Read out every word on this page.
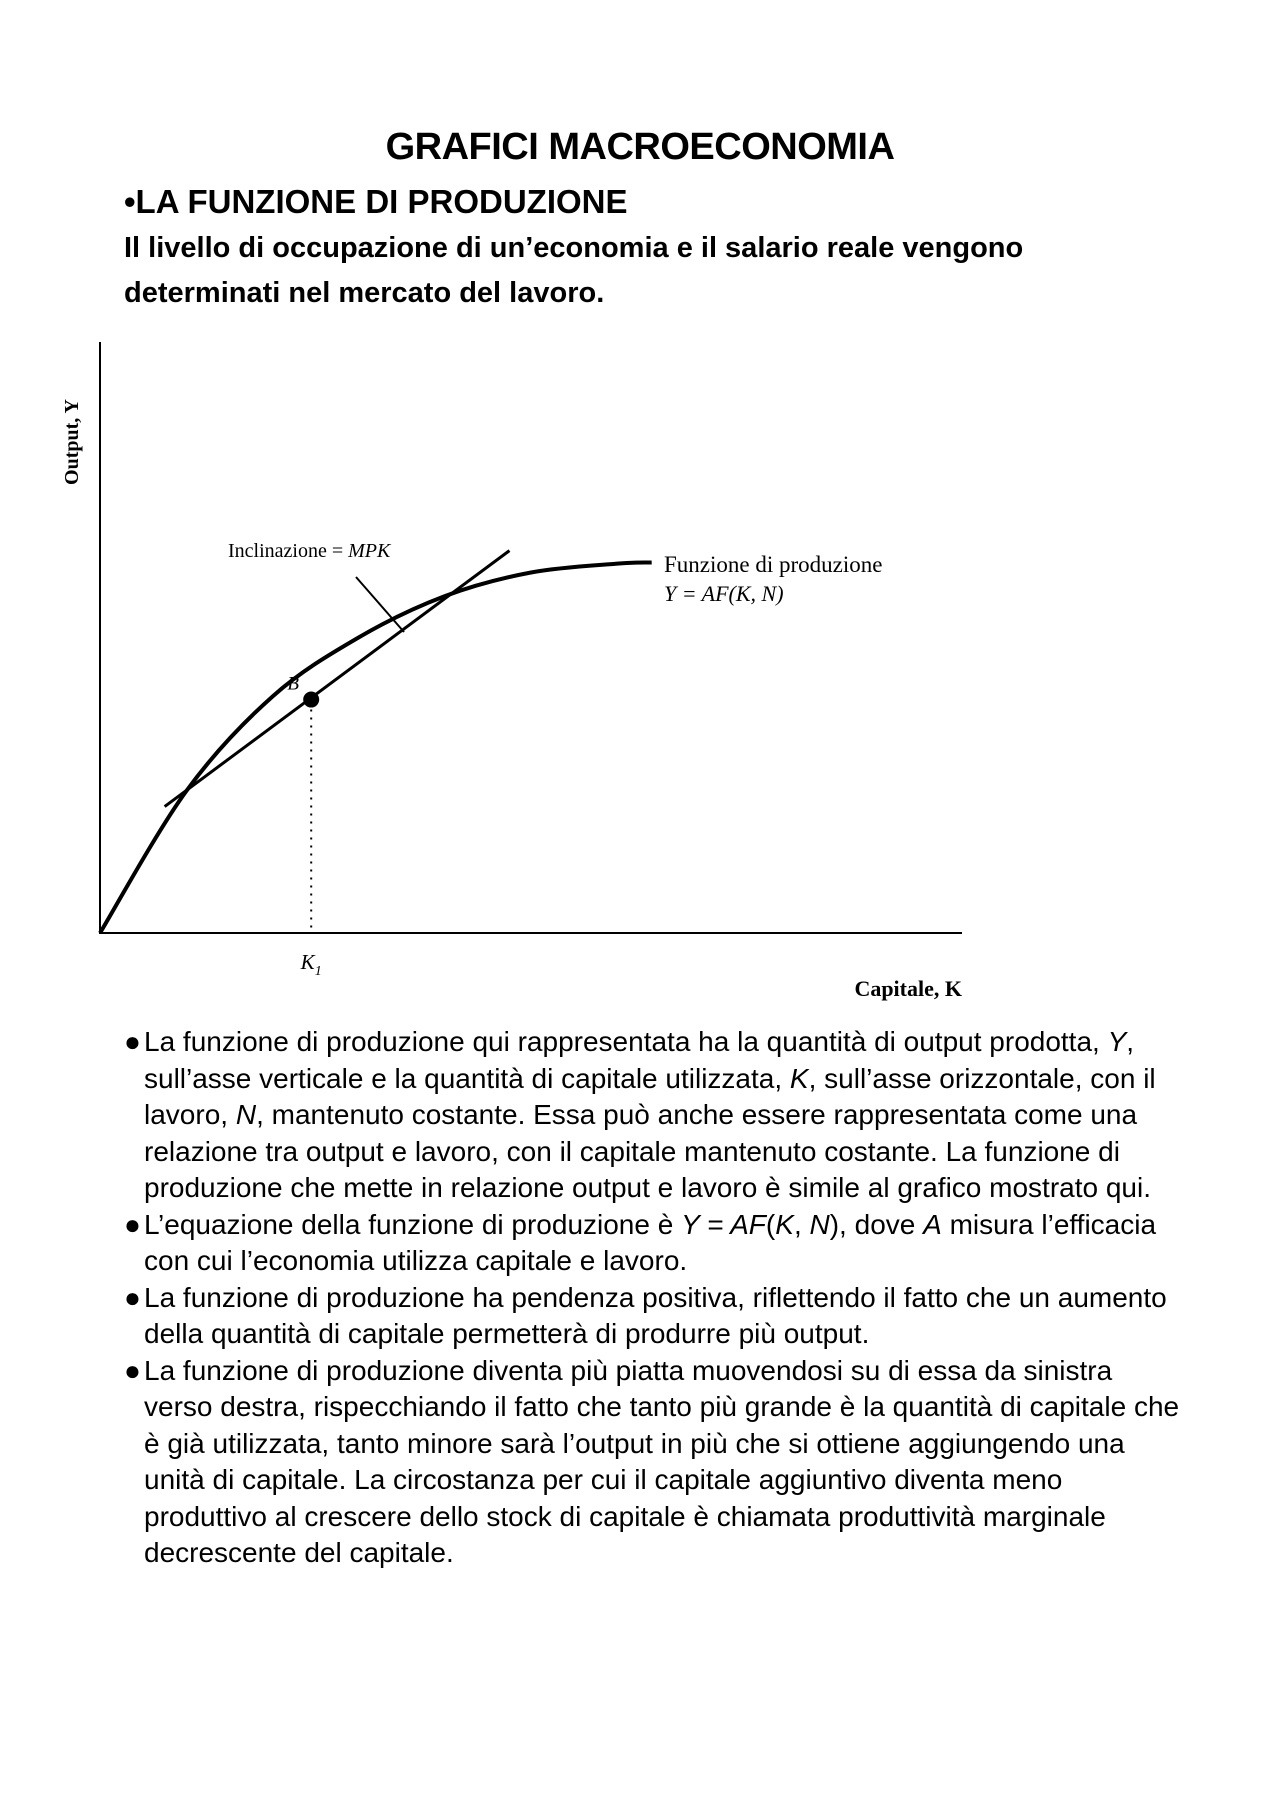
GRAFICI MACROECONOMIA
•LA FUNZIONE DI PRODUZIONE
Il livello di occupazione di un’economia e il salario reale vengono determinati nel mercato del lavoro.
Output, Y
B
Inclinazione = MPK
Funzione di produzione
Y = AF(K, N)
$K_1$
Capitale, K
● La funzione di produzione qui rappresentata ha la quantità di output prodotta, Y, sull’asse verticale e la quantità di capitale utilizzata, K, sull’asse orizzontale, con il lavoro, N, mantenuto costante. Essa può anche essere rappresentata come una relazione tra output e lavoro, con il capitale mantenuto costante. La funzione di produzione che mette in relazione output e lavoro è simile al grafico mostrato qui.
● L’equazione della funzione di produzione è Y = AF(K, N), dove A misura l’efficacia con cui l’economia utilizza capitale e lavoro.
● La funzione di produzione ha pendenza positiva, riflettendo il fatto che un aumento della quantità di capitale permetterà di produrre più output.
● La funzione di produzione diventa più piatta muovendosi su di essa da sinistra verso destra, rispecchiando il fatto che tanto più grande è la quantità di capitale che è già utilizzata, tanto minore sarà l’output in più che si ottiene aggiungendo una unità di capitale. La circostanza per cui il capitale aggiuntivo diventa meno produttivo al crescere dello stock di capitale è chiamata produttività marginale decrescente del capitale.
